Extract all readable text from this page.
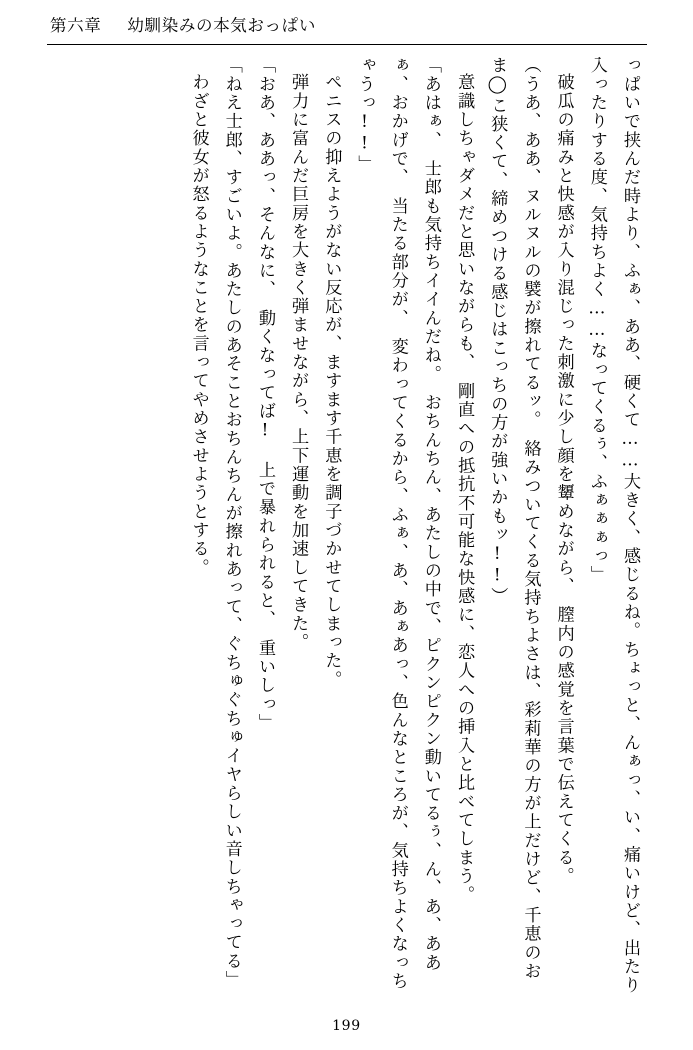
第六章 幼馴染みの本気おっぱい

っぱいで挟んだ時より、ふぁ、ああ、硬くて……大きく、感じるね。ちょっと、んぁっ、い、痛いけど、出たり入ったりする度、気持ちよく……なってくるぅ、ふぁぁぁっ」

破瓜の痛みと快感が入り混じった刺激に少し顔を顰めながら、　膣内の感覚を言葉で伝えてくる。

（うあ、ああ、ヌルヌルの襞が擦れてるッ。　絡みついてくる気持ちよさは、彩莉華の方が上だけど、千恵のおま◯こ狭くて、締めつける感じはこっちの方が強いかもッ!!）

意識しちゃダメだと思いながらも、　剛直への抵抗不可能な快感に、恋人への挿入と比べてしまう。

「あはぁ、　士郎も気持ちイイんだね。　おちんちん、あたしの中で、ピクンピクン動いてるぅ、ん、あ、ああぁ、おかげで、　当たる部分が、　変わってくるから、ふぁ、あ、あぁあっ、色んなところが、気持ちよくなっちゃうっ!!」

ペニスの抑えようがない反応が、ますます千恵を調子づかせてしまった。

弾力に富んだ巨房を大きく弾ませながら、上下運動を加速してきた。

「おあ、ああっ、そんなに、　動くなってば!　上で暴れられると、　重いしっ」

「ねえ士郎、すごいよ。あたしのあそことおちんちんが擦れあって、ぐちゅぐちゅイヤらしい音しちゃってる」

わざと彼女が怒るようなことを言ってやめさせようとする。

199
